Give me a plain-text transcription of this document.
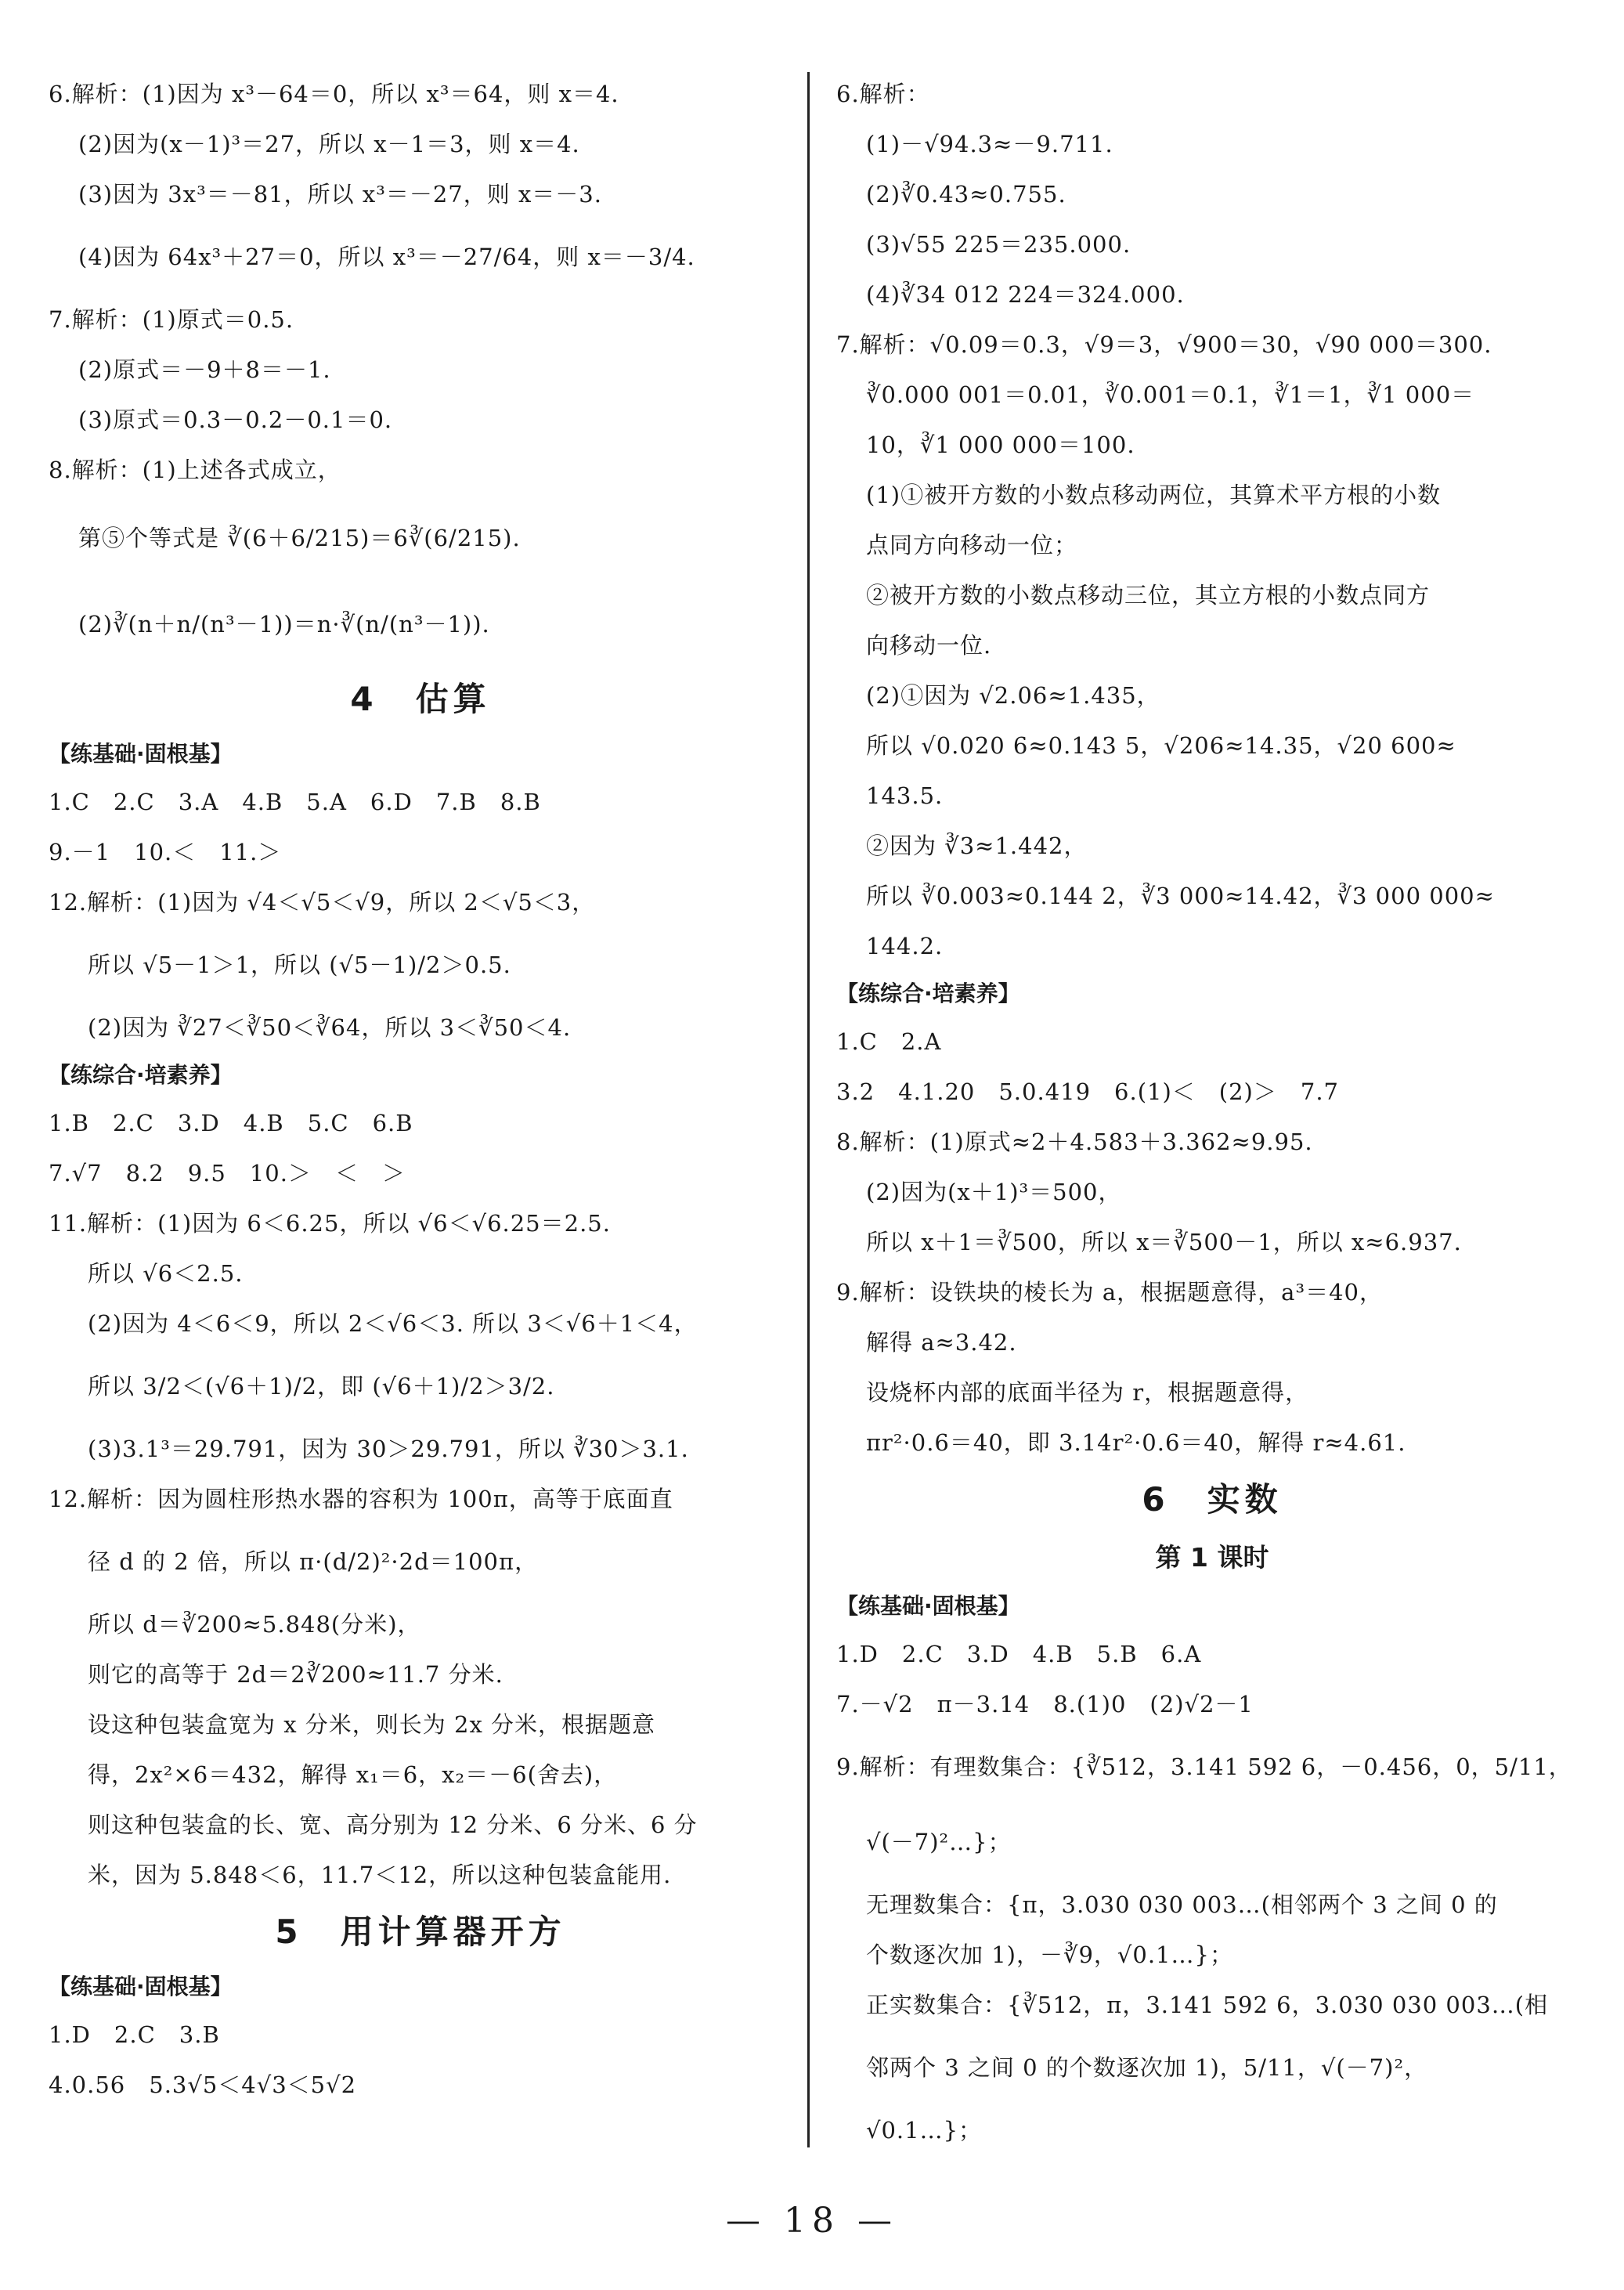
6.解析：(1)因为 x³－64＝0，所以 x³＝64，则 x＝4.
(2)因为(x－1)³＝27，所以 x－1＝3，则 x＝4.
(3)因为 3x³＝－81，所以 x³＝－27，则 x＝－3.
(4)因为 64x³＋27＝0，所以 x³＝－27/64，则 x＝－3/4.
7.解析：(1)原式＝0.5.
(2)原式＝－9＋8＝－1.
(3)原式＝0.3－0.2－0.1＝0.
8.解析：(1)上述各式成立，
第⑤个等式是 ∛(6＋6/215)＝6∛(6/215).
(2)∛(n＋n/(n³－1))＝n·∛(n/(n³－1)).
4　估算
【练基础·固根基】
1.C　2.C　3.A　4.B　5.A　6.D　7.B　8.B
9.－1　10.＜　11.＞
12.解析：(1)因为 √4＜√5＜√9，所以 2＜√5＜3，
所以 √5－1＞1，所以 (√5－1)/2＞0.5.
(2)因为 ∛27＜∛50＜∛64，所以 3＜∛50＜4.
【练综合·培素养】
1.B　2.C　3.D　4.B　5.C　6.B
7.√7　8.2　9.5　10.＞　＜　＞
11.解析：(1)因为 6＜6.25，所以 √6＜√6.25＝2.5.
所以 √6＜2.5.
(2)因为 4＜6＜9，所以 2＜√6＜3. 所以 3＜√6＋1＜4，
所以 3/2＜(√6＋1)/2，即 (√6＋1)/2＞3/2.
(3)3.1³＝29.791，因为 30＞29.791，所以 ∛30＞3.1.
12.解析：因为圆柱形热水器的容积为 100π，高等于底面直
径 d 的 2 倍，所以 π·(d/2)²·2d＝100π，
所以 d＝∛200≈5.848(分米)，
则它的高等于 2d＝2∛200≈11.7 分米.
设这种包装盒宽为 x 分米，则长为 2x 分米，根据题意
得，2x²×6＝432，解得 x₁＝6，x₂＝－6(舍去)，
则这种包装盒的长、宽、高分别为 12 分米、6 分米、6 分
米，因为 5.848＜6，11.7＜12，所以这种包装盒能用.
5　用计算器开方
【练基础·固根基】
1.D　2.C　3.B
4.0.56　5.3√5＜4√3＜5√2
6.解析：
(1)－√94.3≈－9.711.
(2)∛0.43≈0.755.
(3)√55 225＝235.000.
(4)∛34 012 224＝324.000.
7.解析：√0.09＝0.3，√9＝3，√900＝30，√90 000＝300.
∛0.000 001＝0.01，∛0.001＝0.1，∛1＝1，∛1 000＝
10，∛1 000 000＝100.
(1)①被开方数的小数点移动两位，其算术平方根的小数
点同方向移动一位；
②被开方数的小数点移动三位，其立方根的小数点同方
向移动一位.
(2)①因为 √2.06≈1.435，
所以 √0.020 6≈0.143 5，√206≈14.35，√20 600≈
143.5.
②因为 ∛3≈1.442，
所以 ∛0.003≈0.144 2，∛3 000≈14.42，∛3 000 000≈
144.2.
【练综合·培素养】
1.C　2.A
3.2　4.1.20　5.0.419　6.(1)＜　(2)＞　7.7
8.解析：(1)原式≈2＋4.583＋3.362≈9.95.
(2)因为(x＋1)³＝500，
所以 x＋1＝∛500，所以 x＝∛500－1，所以 x≈6.937.
9.解析：设铁块的棱长为 a，根据题意得，a³＝40，
解得 a≈3.42.
设烧杯内部的底面半径为 r，根据题意得，
πr²·0.6＝40，即 3.14r²·0.6＝40，解得 r≈4.61.
6　实数
第 1 课时
【练基础·固根基】
1.D　2.C　3.D　4.B　5.B　6.A
7.－√2　π－3.14　8.(1)0　(2)√2－1
9.解析：有理数集合：{∛512，3.141 592 6，－0.456，0，5/11，
√(－7)²…}；
无理数集合：{π，3.030 030 003…(相邻两个 3 之间 0 的
个数逐次加 1)，－∛9，√0.1…}；
正实数集合：{∛512，π，3.141 592 6，3.030 030 003…(相
邻两个 3 之间 0 的个数逐次加 1)，5/11，√(－7)²，
√0.1…}；
— 18 —
